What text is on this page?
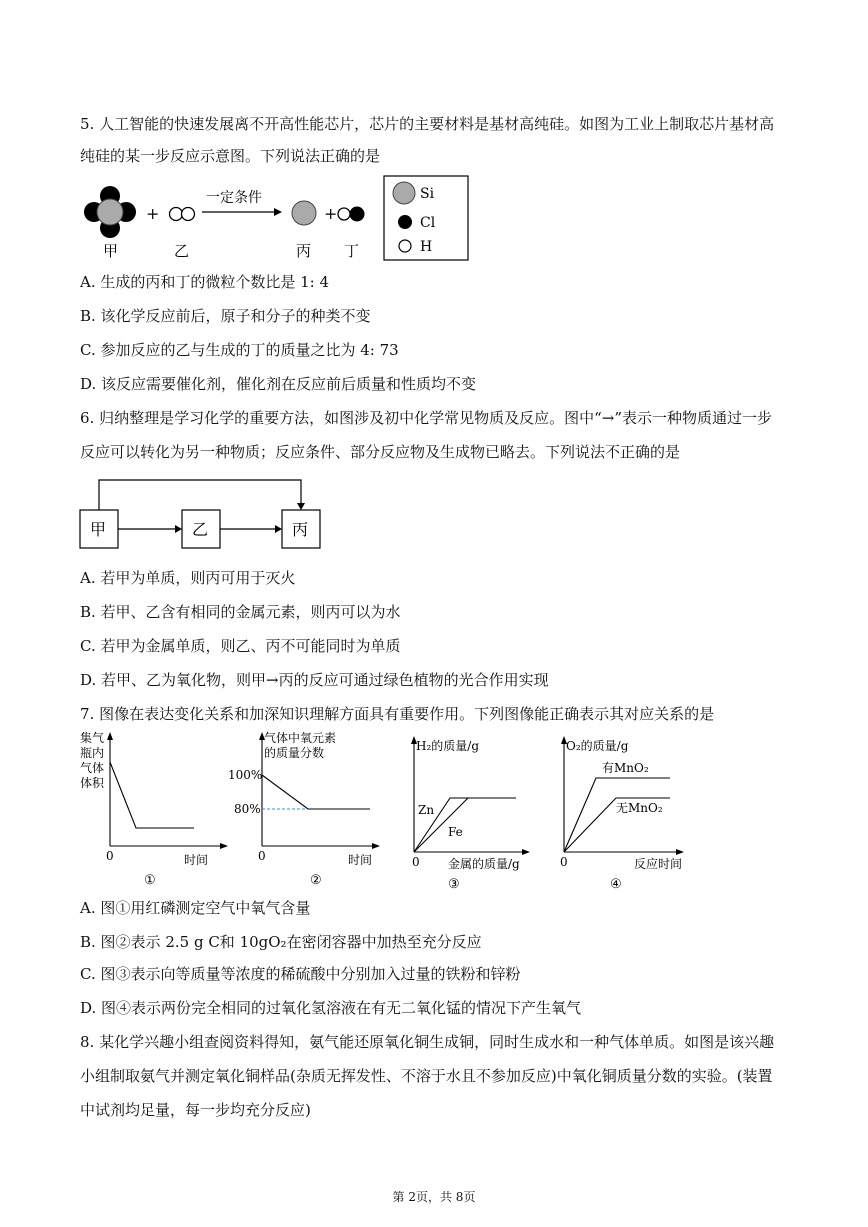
5. 人工智能的快速发展离不开高性能芯片，芯片的主要材料是基材高纯硅。如图为工业上制取芯片基材高
纯硅的某一步反应示意图。下列说法正确的是
+
一定条件
+
甲	乙	丙 丁
Si
Cl
H
A. 生成的丙和丁的微粒个数比是 1: 4
B. 该化学反应前后，原子和分子的种类不变
C. 参加反应的乙与生成的丁的质量之比为 4: 73
D. 该反应需要催化剂，催化剂在反应前后质量和性质均不变
6. 归纳整理是学习化学的重要方法，如图涉及初中化学常见物质及反应。图中“→”表示一种物质通过一步
反应可以转化为另一种物质；反应条件、部分反应物及生成物已略去。下列说法不正确的是
甲	乙	丙
A. 若甲为单质，则丙可用于灭火
B. 若甲、乙含有相同的金属元素，则丙可以为水
C. 若甲为金属单质，则乙、丙不可能同时为单质
D. 若甲、乙为氧化物，则甲→丙的反应可通过绿色植物的光合作用实现
7. 图像在表达变化关系和加深知识理解方面具有重要作用。下列图像能正确表示其对应关系的是
集气
瓶内
气体
体积
0	时间
①
气体中氧元素
的质量分数
100%
80%
0	时间
②
H₂的质量/g
Zn
Fe
0 金属的质量/g
③
O₂的质量/g
有MnO₂
无MnO₂
0	反应时间
④
A. 图①用红磷测定空气中氧气含量
B. 图②表示 2.5 g C和 10gO₂在密闭容器中加热至充分反应
C. 图③表示向等质量等浓度的稀硫酸中分别加入过量的铁粉和锌粉
D. 图④表示两份完全相同的过氧化氢溶液在有无二氧化锰的情况下产生氧气
8. 某化学兴趣小组查阅资料得知，氨气能还原氧化铜生成铜，同时生成水和一种气体单质。如图是该兴趣
小组制取氨气并测定氧化铜样品(杂质无挥发性、不溶于水且不参加反应)中氧化铜质量分数的实验。(装置
中试剂均足量，每一步均充分反应)
第 2页，共 8页
